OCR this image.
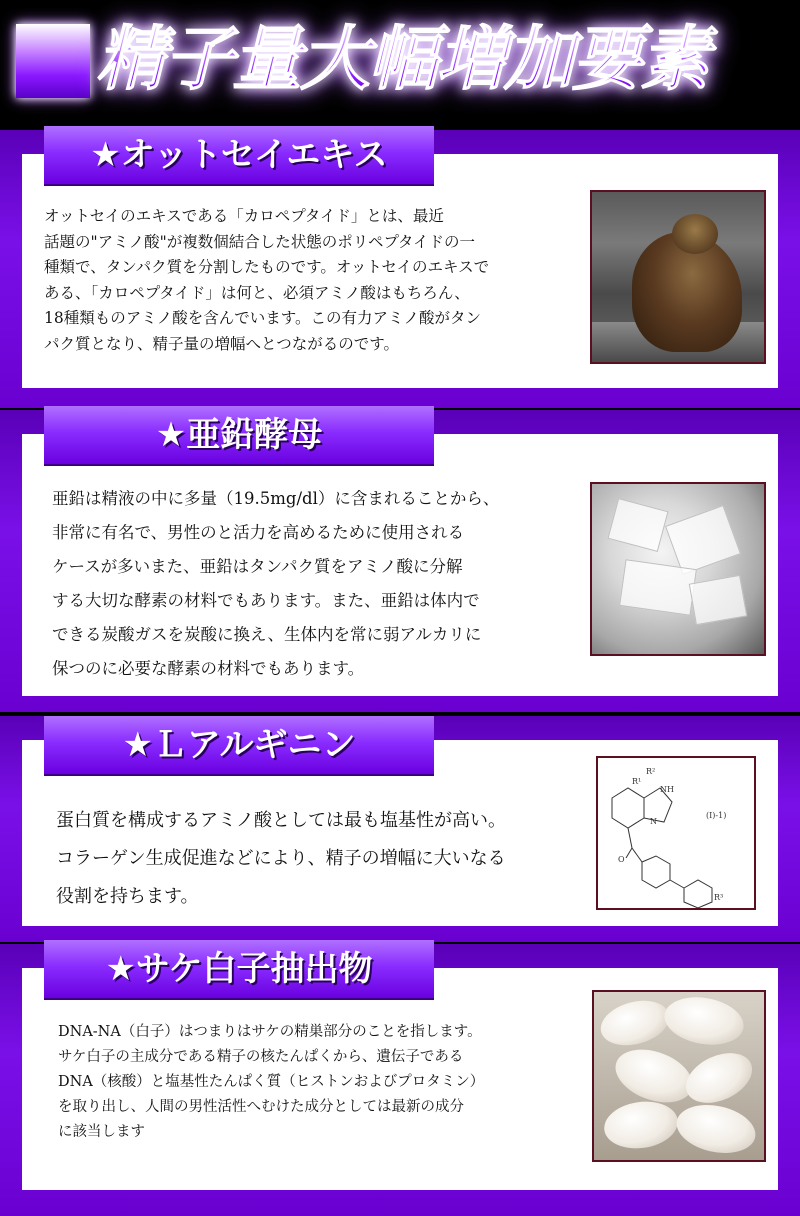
精子量大幅増加要素
★オットセイエキス
オットセイのエキスである「カロペプタイド」とは、最近
話題の"アミノ酸"が複数個結合した状態のポリペプタイドの一
種類で、タンパク質を分割したものです。オットセイのエキスで
ある、「カロペプタイド」は何と、必須アミノ酸はもちろん、
18種類ものアミノ酸を含んでいます。この有力アミノ酸がタン
パク質となり、精子量の増幅へとつながるのです。
★亜鉛酵母
亜鉛は精液の中に多量（19.5mg/dl）に含まれることから、
非常に有名で、男性のと活力を高めるために使用される
ケースが多いまた、亜鉛はタンパク質をアミノ酸に分解
する大切な酵素の材料でもあります。また、亜鉛は体内で
できる炭酸ガスを炭酸に換え、生体内を常に弱アルカリに
保つのに必要な酵素の材料でもあります。
★Ｌアルギニン
蛋白質を構成するアミノ酸としては最も塩基性が高い。
コラーゲン生成促進などにより、精子の増幅に大いなる
役割を持ちます。
R¹
R²
NH
N
O
(I)-1)
R³
★サケ白子抽出物
DNA-NA（白子）はつまりはサケの精巣部分のことを指します。
サケ白子の主成分である精子の核たんぱくから、遺伝子である
DNA（核酸）と塩基性たんぱく質（ヒストンおよびプロタミン）
を取り出し、人間の男性活性へむけた成分としては最新の成分
に該当します
